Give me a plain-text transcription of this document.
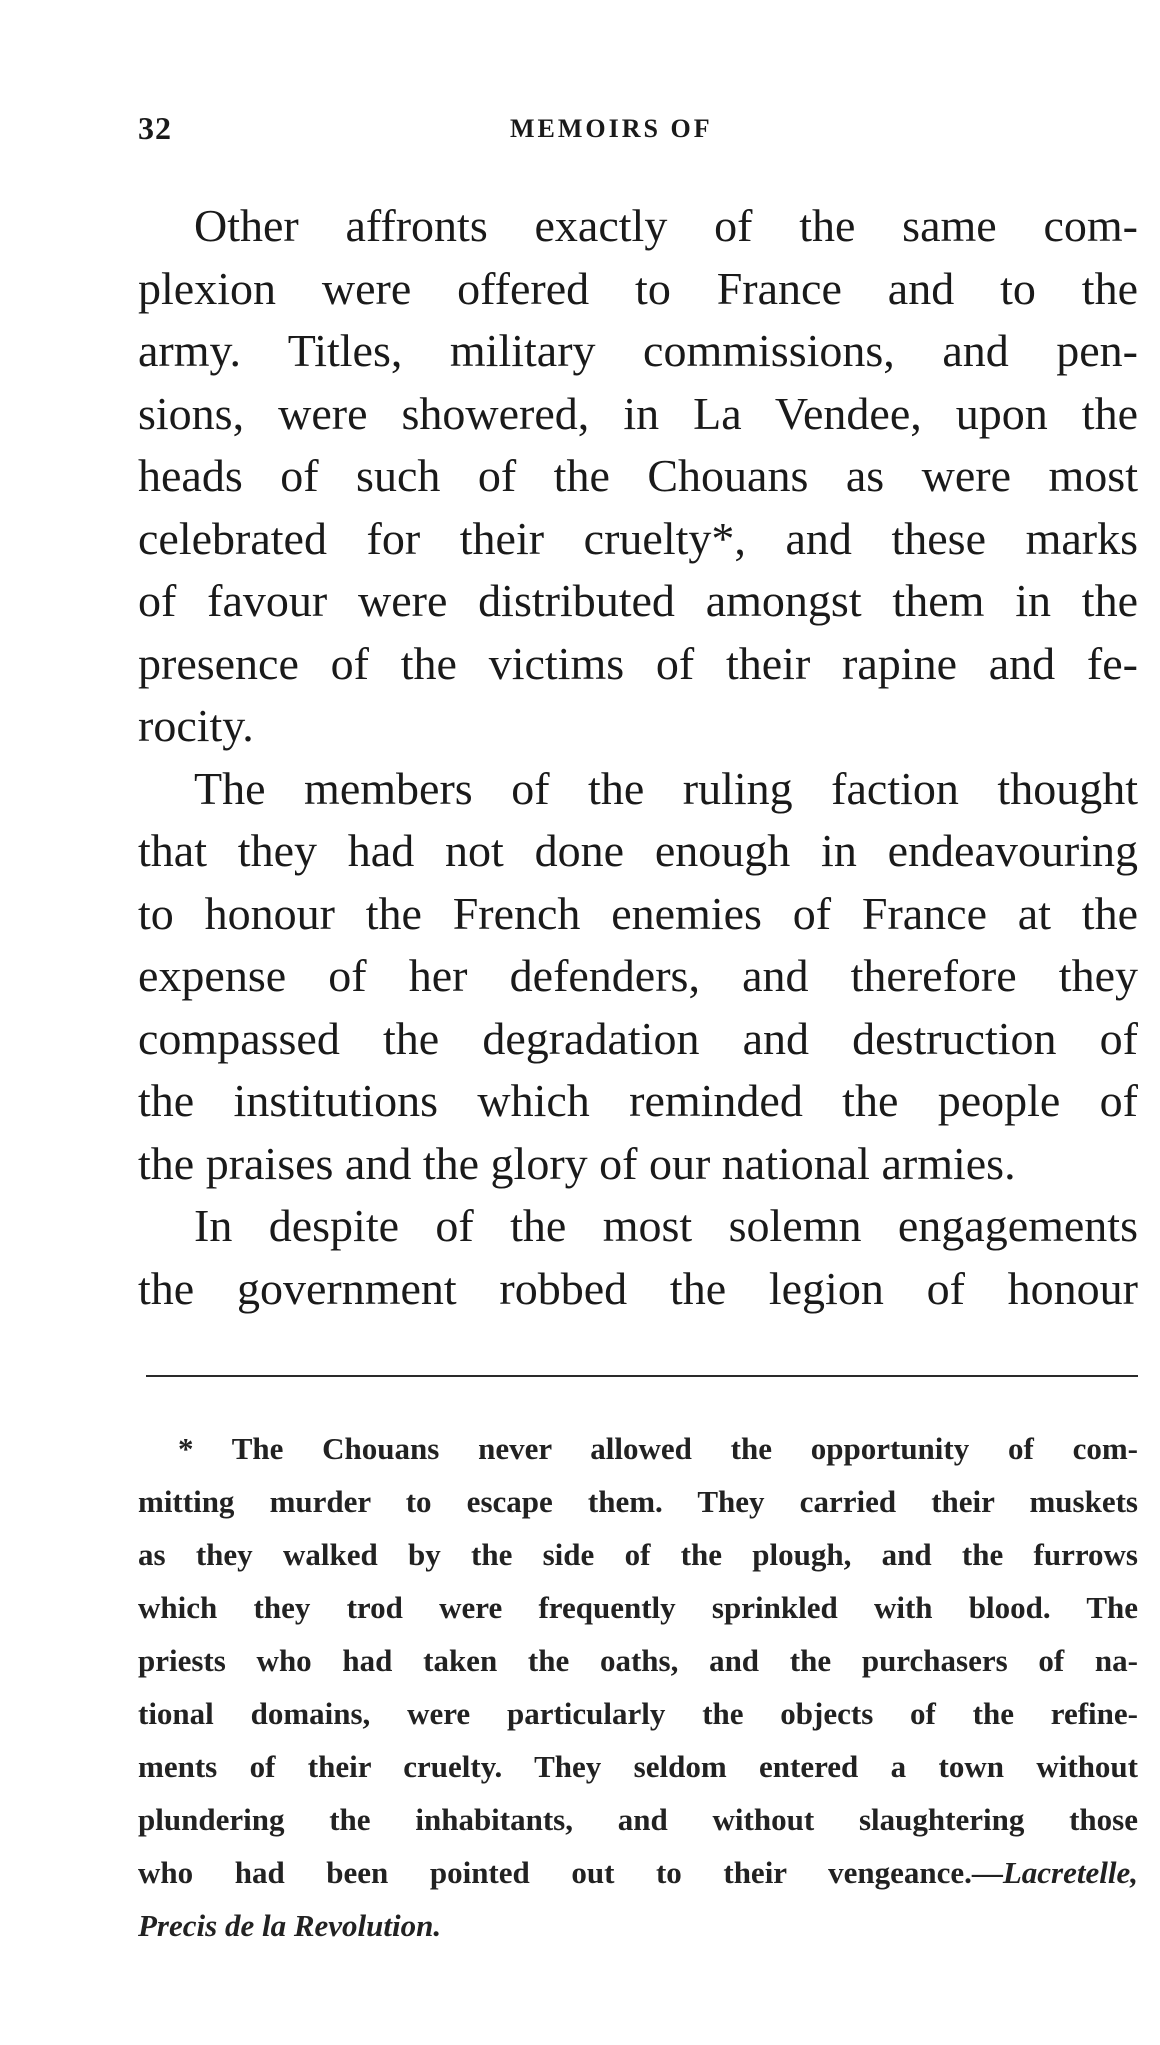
32	MEMOIRS OF

Other affronts exactly of the same com-
plexion were offered to France and to the
army. Titles, military commissions, and pen-
sions, were showered, in La Vendee, upon the
heads of such of the Chouans as were most
celebrated for their cruelty*, and these marks
of favour were distributed amongst them in the
presence of the victims of their rapine and fe-
rocity.

The members of the ruling faction thought
that they had not done enough in endeavouring
to honour the French enemies of France at the
expense of her defenders, and therefore they
compassed the degradation and destruction of
the institutions which reminded the people of
the praises and the glory of our national armies.

In despite of the most solemn engagements
the government robbed the legion of honour

* The Chouans never allowed the opportunity of com-
mitting murder to escape them. They carried their muskets
as they walked by the side of the plough, and the furrows
which they trod were frequently sprinkled with blood. The
priests who had taken the oaths, and the purchasers of na-
tional domains, were particularly the objects of the refine-
ments of their cruelty. They seldom entered a town without
plundering the inhabitants, and without slaughtering those
who had been pointed out to their vengeance.—Lacretelle,
Precis de la Revolution.
